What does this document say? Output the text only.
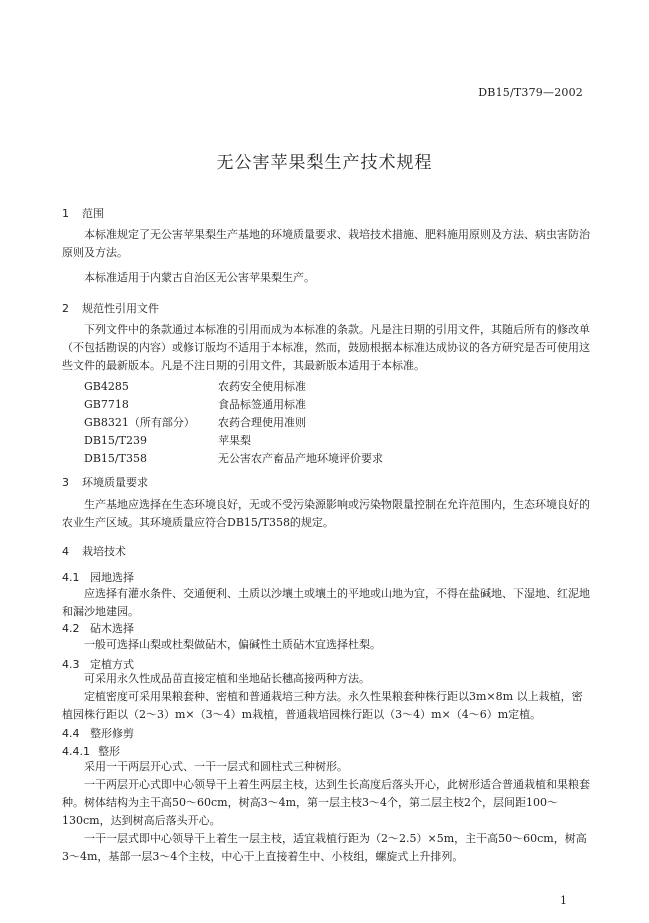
DB15/T379—2002
无公害苹果梨生产技术规程
1 范围
本标准规定了无公害苹果梨生产基地的环境质量要求、栽培技术措施、肥料施用原则及方法、病虫害防治原则及方法。
本标准适用于内蒙古自治区无公害苹果梨生产。
2 规范性引用文件
下列文件中的条款通过本标准的引用而成为本标准的条款。凡是注日期的引用文件，其随后所有的修改单（不包括勘误的内容）或修订版均不适用于本标准，然而，鼓励根据本标准达成协议的各方研究是否可使用这些文件的最新版本。凡是不注日期的引用文件，其最新版本适用于本标准。
GB4285	农药安全使用标准
GB7718	食品标签通用标准
GB8321（所有部分） 农药合理使用准则
DB15/T239	苹果梨
DB15/T358	无公害农产畜品产地环境评价要求
3 环境质量要求
生产基地应选择在生态环境良好，无或不受污染源影响或污染物限量控制在允许范围内，生态环境良好的农业生产区域。其环境质量应符合DB15/T358的规定。
4 栽培技术
4.1 园地选择
应选择有灌水条件、交通便利、土质以沙壤土或壤土的平地或山地为宜，不得在盐碱地、下湿地、红泥地和漏沙地建园。
4.2 砧木选择
一般可选择山梨或杜梨做砧木，偏碱性土质砧木宜选择杜梨。
4.3 定植方式
可采用永久性成品苗直接定植和坐地砧长穗高接两种方法。
定植密度可采用果粮套种、密植和普通栽培三种方法。永久性果粮套种株行距以3m×8m 以上栽植，密植园株行距以（2～3）m×（3～4）m栽植，普通栽培园株行距以（3～4）m×（4～6）m定植。
4.4 整形修剪
4.4.1 整形
采用一干两层开心式、一干一层式和圆柱式三种树形。
一干两层开心式即中心领导干上着生两层主枝，达到生长高度后落头开心，此树形适合普通栽植和果粮套种。树体结构为主干高50～60cm，树高3～4m，第一层主枝3～4个，第二层主枝2个，层间距100～130cm，达到树高后落头开心。
一干一层式即中心领导干上着生一层主枝，适宜栽植行距为（2～2.5）×5m，主干高50～60cm，树高3～4m，基部一层3～4个主枝，中心干上直接着生中、小枝组，螺旋式上升排列。
1
